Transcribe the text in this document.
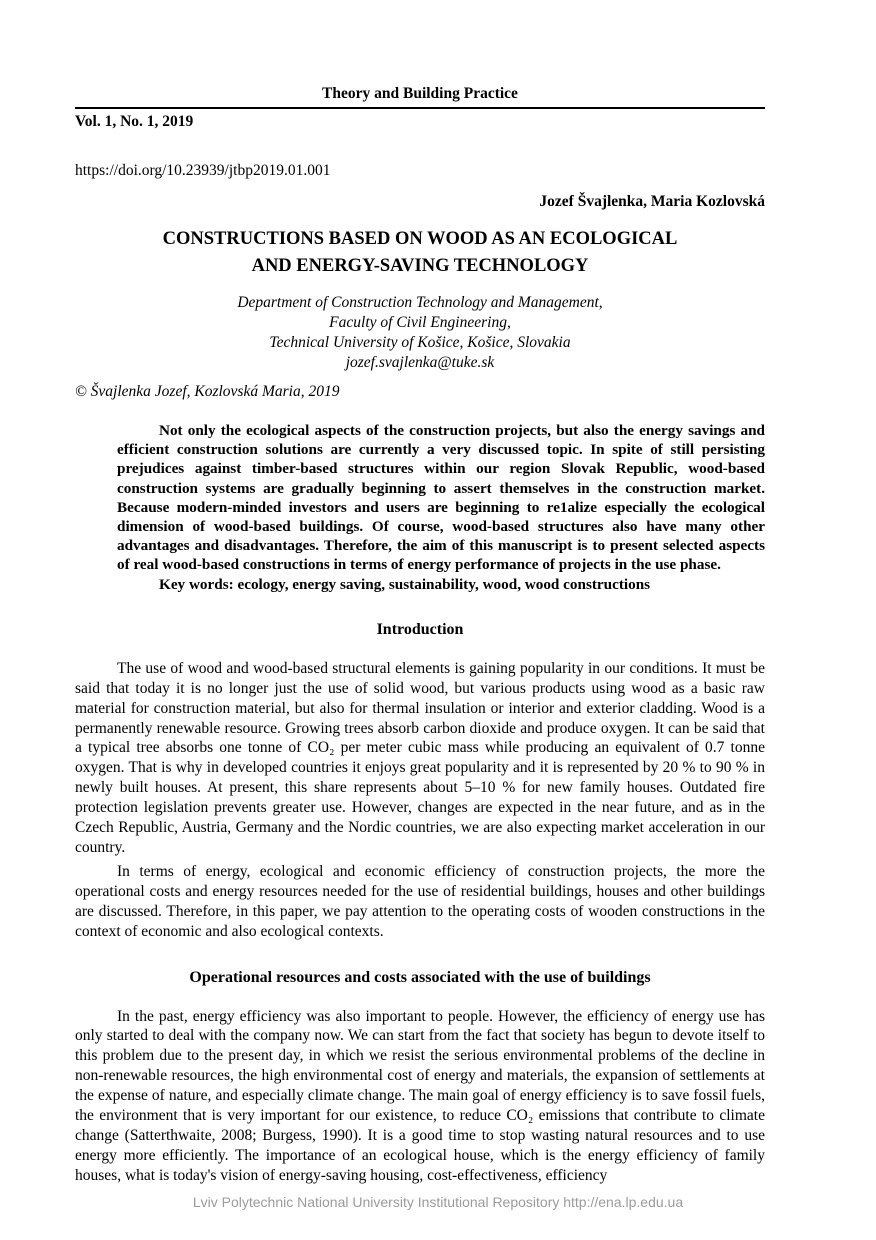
Theory and Building Practice
Vol. 1, No. 1, 2019
https://doi.org/10.23939/jtbp2019.01.001
Jozef Švajlenka, Maria Kozlovská
CONSTRUCTIONS BASED ON WOOD AS AN ECOLOGICAL
AND ENERGY-SAVING TECHNOLOGY
Department of Construction Technology and Management,
Faculty of Civil Engineering,
Technical University of Košice, Košice, Slovakia
jozef.svajlenka@tuke.sk
© Švajlenka Jozef, Kozlovská Maria, 2019

Not only the ecological aspects of the construction projects, but also the energy savings and efficient construction solutions are currently a very discussed topic. In spite of still persisting prejudices against timber-based structures within our region Slovak Republic, wood-based construction systems are gradually beginning to assert themselves in the construction market. Because modern-minded investors and users are beginning to re1alize especially the ecological dimension of wood-based buildings. Of course, wood-based structures also have many other advantages and disadvantages. Therefore, the aim of this manuscript is to present selected aspects of real wood-based constructions in terms of energy performance of projects in the use phase.

Key words: ecology, energy saving, sustainability, wood, wood constructions

Introduction

The use of wood and wood-based structural elements is gaining popularity in our conditions. It must be said that today it is no longer just the use of solid wood, but various products using wood as a basic raw material for construction material, but also for thermal insulation or interior and exterior cladding. Wood is a permanently renewable resource. Growing trees absorb carbon dioxide and produce oxygen. It can be said that a typical tree absorbs one tonne of CO₂ per meter cubic mass while producing an equivalent of 0.7 tonne oxygen. That is why in developed countries it enjoys great popularity and it is represented by 20 % to 90 % in newly built houses. At present, this share represents about 5–10 % for new family houses. Outdated fire protection legislation prevents greater use. However, changes are expected in the near future, and as in the Czech Republic, Austria, Germany and the Nordic countries, we are also expecting market acceleration in our country.

In terms of energy, ecological and economic efficiency of construction projects, the more the operational costs and energy resources needed for the use of residential buildings, houses and other buildings are discussed. Therefore, in this paper, we pay attention to the operating costs of wooden constructions in the context of economic and also ecological contexts.

Operational resources and costs associated with the use of buildings

In the past, energy efficiency was also important to people. However, the efficiency of energy use has only started to deal with the company now. We can start from the fact that society has begun to devote itself to this problem due to the present day, in which we resist the serious environmental problems of the decline in non-renewable resources, the high environmental cost of energy and materials, the expansion of settlements at the expense of nature, and especially climate change. The main goal of energy efficiency is to save fossil fuels, the environment that is very important for our existence, to reduce CO₂ emissions that contribute to climate change (Satterthwaite, 2008; Burgess, 1990). It is a good time to stop wasting natural resources and to use energy more efficiently. The importance of an ecological house, which is the energy efficiency of family houses, what is today's vision of energy-saving housing, cost-effectiveness, efficiency

Lviv Polytechnic National University Institutional Repository http://ena.lp.edu.ua
